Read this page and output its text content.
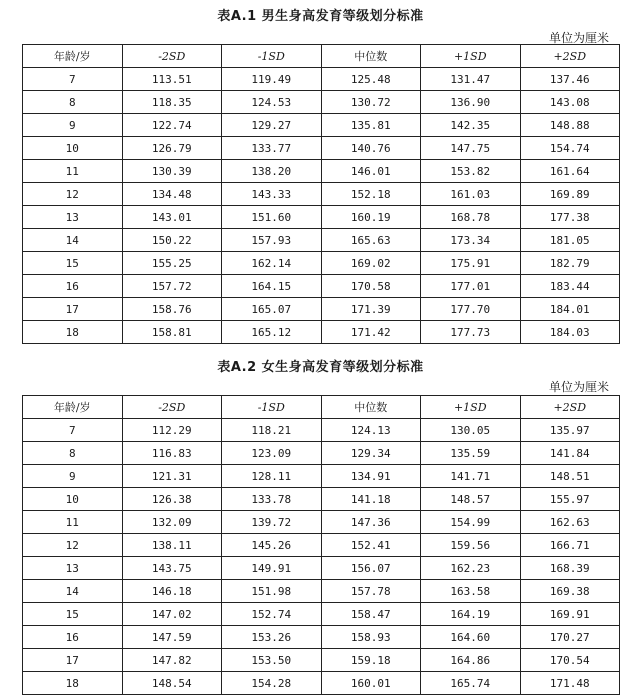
表A.1 男生身高发育等级划分标准
单位为厘米
年龄/岁	-2SD	-1SD	中位数	+1SD	+2SD
7	113.51	119.49	125.48	131.47	137.46
8	118.35	124.53	130.72	136.90	143.08
9	122.74	129.27	135.81	142.35	148.88
10	126.79	133.77	140.76	147.75	154.74
11	130.39	138.20	146.01	153.82	161.64
12	134.48	143.33	152.18	161.03	169.89
13	143.01	151.60	160.19	168.78	177.38
14	150.22	157.93	165.63	173.34	181.05
15	155.25	162.14	169.02	175.91	182.79
16	157.72	164.15	170.58	177.01	183.44
17	158.76	165.07	171.39	177.70	184.01
18	158.81	165.12	171.42	177.73	184.03
表A.2 女生身高发育等级划分标准
单位为厘米
年龄/岁	-2SD	-1SD	中位数	+1SD	+2SD
7	112.29	118.21	124.13	130.05	135.97
8	116.83	123.09	129.34	135.59	141.84
9	121.31	128.11	134.91	141.71	148.51
10	126.38	133.78	141.18	148.57	155.97
11	132.09	139.72	147.36	154.99	162.63
12	138.11	145.26	152.41	159.56	166.71
13	143.75	149.91	156.07	162.23	168.39
14	146.18	151.98	157.78	163.58	169.38
15	147.02	152.74	158.47	164.19	169.91
16	147.59	153.26	158.93	164.60	170.27
17	147.82	153.50	159.18	164.86	170.54
18	148.54	154.28	160.01	165.74	171.48
